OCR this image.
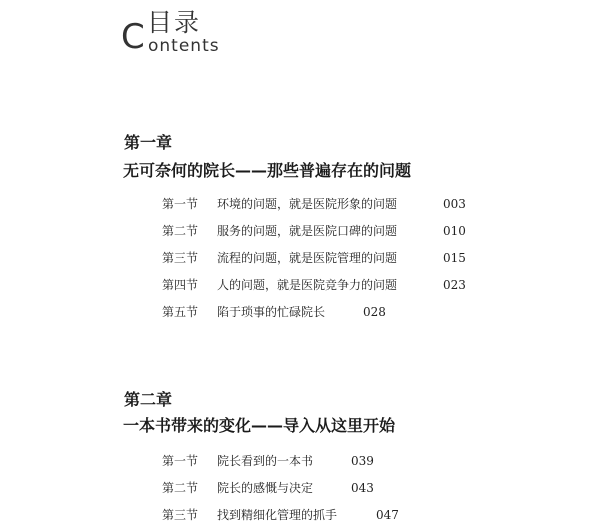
目录
C ontents
第一章
无可奈何的院长——那些普遍存在的问题
第一节 环境的问题，就是医院形象的问题	003
第二节 服务的问题，就是医院口碑的问题	010
第三节 流程的问题，就是医院管理的问题	015
第四节 人的问题，就是医院竞争力的问题	023
第五节 陷于琐事的忙碌院长	028
第二章
一本书带来的变化——导入从这里开始
第一节 院长看到的一本书	039
第二节 院长的感慨与决定	043
第三节 找到精细化管理的抓手	047
